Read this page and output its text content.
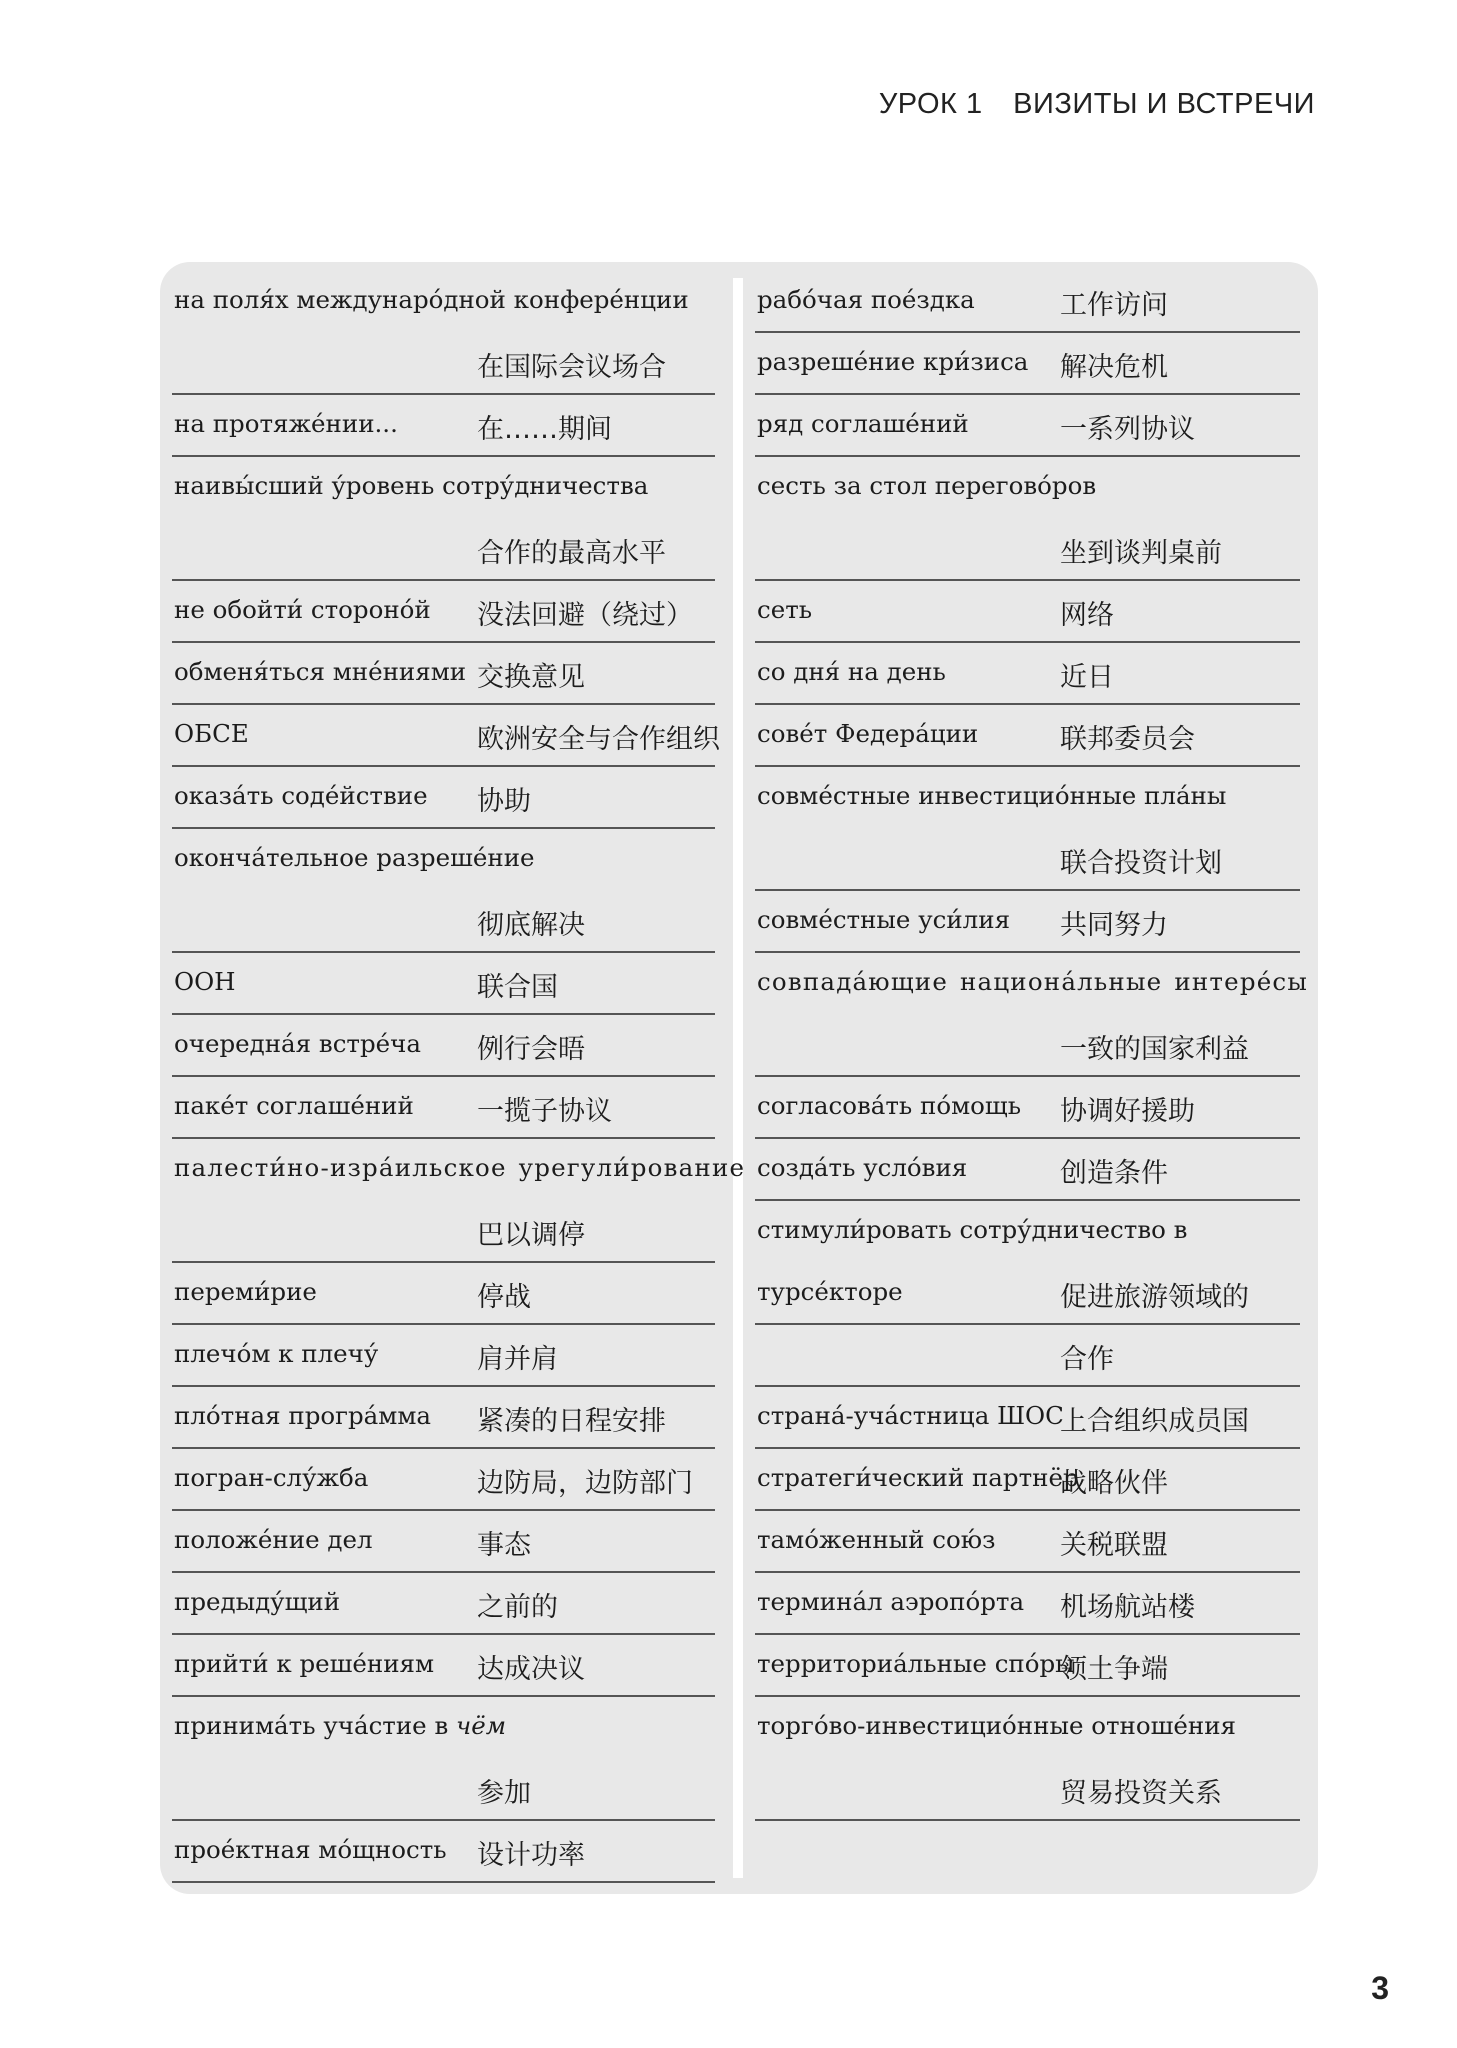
УРОК 1 ВИЗИТЫ И ВСТРЕЧИ
на поля́х междунаро́дной конфере́нции
在国际会议场合
на протяже́нии...	在……期间
наивы́сший у́ровень сотру́дничества
合作的最高水平
не обойти́ стороно́й 没法回避（绕过）
обменя́ться мне́ниями 交换意见
ОБСЕ	欧洲安全与合作组织
оказа́ть соде́йствие 协助
оконча́тельное разреше́ние
彻底解决
ООН	联合国
очередна́я встре́ча 例行会晤
паке́т соглаше́ний 一揽子协议
палести́но-изра́ильское урегули́рование
巴以调停
переми́рие	停战
плечо́м к плечу́	肩并肩
пло́тная програ́мма 紧凑的日程安排
погран-слу́жба	边防局，边防部门
положе́ние дел	事态
предыду́щий	之前的
прийти́ к реше́ниям 达成决议
принима́ть уча́стие в чём
参加
прое́ктная мо́щность 设计功率
рабо́чая пое́здка	工作访问
разреше́ние кри́зиса 解决危机
ряд соглаше́ний	一系列协议
сесть за стол перегово́ров
坐到谈判桌前
сеть	网络
со дня́ на день	近日
сове́т Федера́ции	联邦委员会
совме́стные инвестицио́нные пла́ны
联合投资计划
совме́стные уси́лия 共同努力
совпада́ющие национа́льные интере́сы
一致的国家利益
согласова́ть по́мощь 协调好援助
созда́ть усло́вия	创造条件
стимули́ровать сотру́дничество в
турсе́кторе	促进旅游领域的
合作
страна́-уча́стница ШОС
上合组织成员国
стратеги́ческий партнёр
战略伙伴
тамо́женный сою́з 关税联盟
термина́л аэропо́рта 机场航站楼
территориа́льные спо́ры
领土争端
торго́во-инвестицио́нные отноше́ния
贸易投资关系
3
